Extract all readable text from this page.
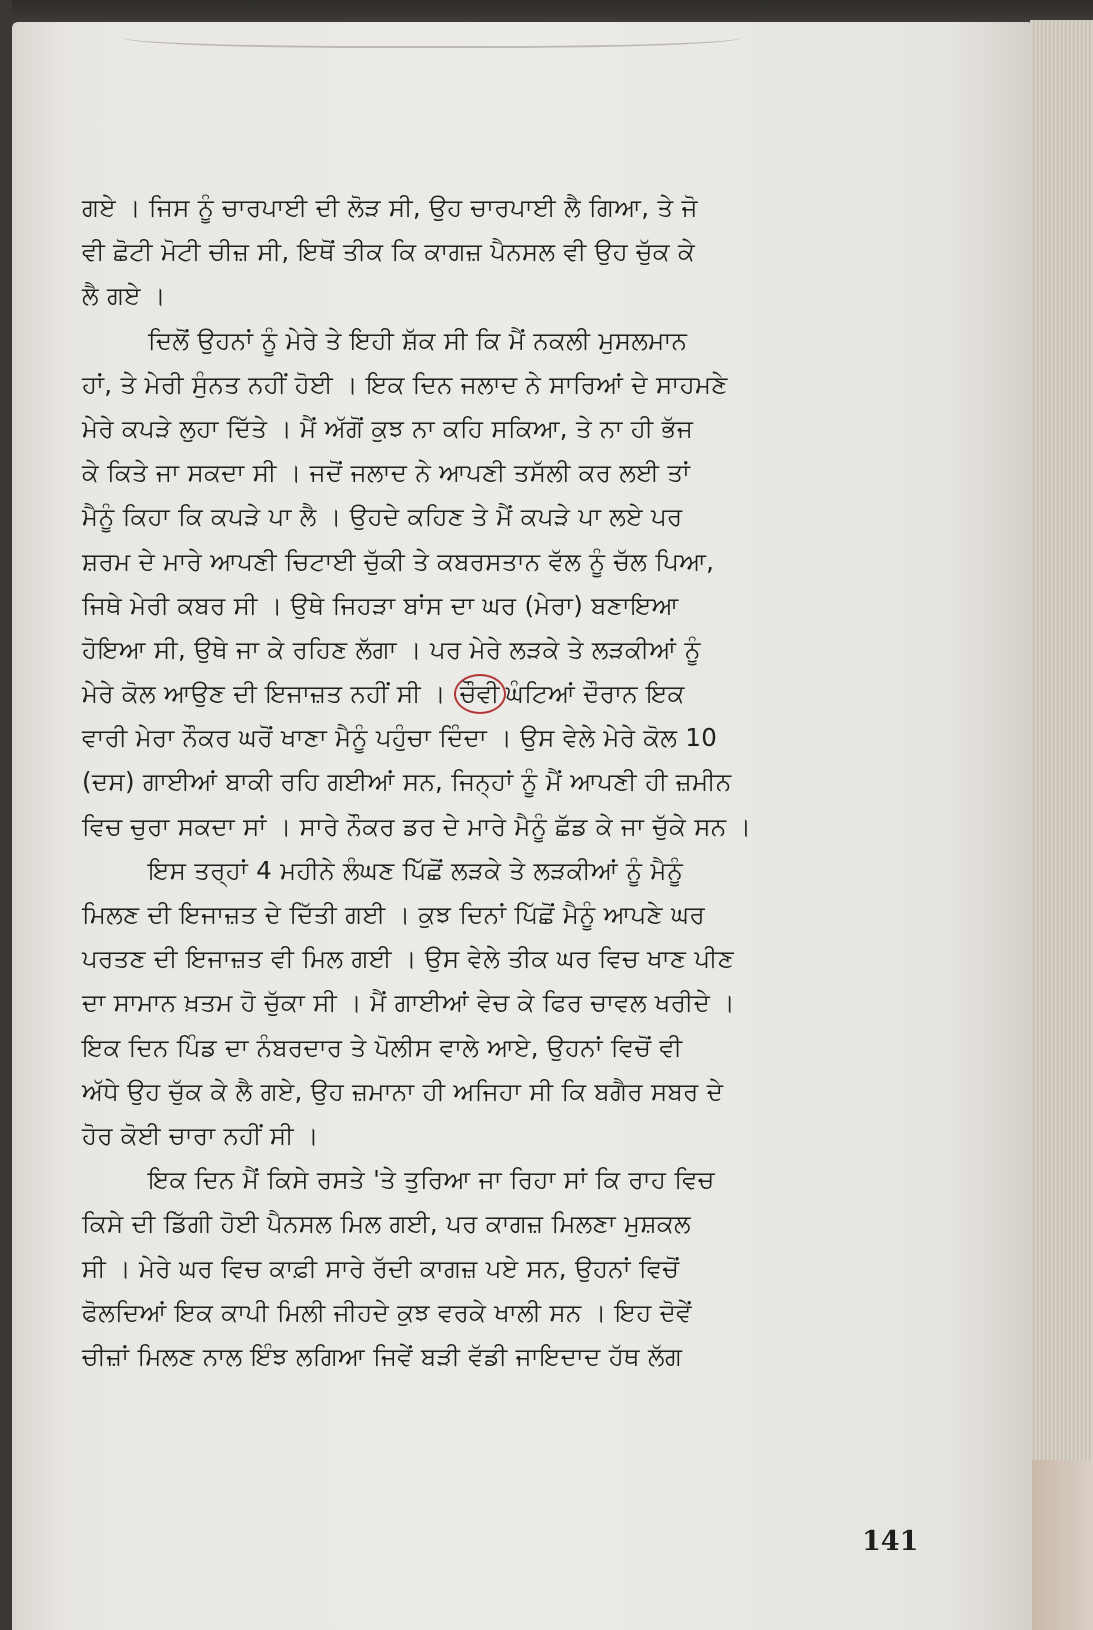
ਗਏ । ਜਿਸ ਨੂੰ ਚਾਰਪਾਈ ਦੀ ਲੋੜ ਸੀ, ਉਹ ਚਾਰਪਾਈ ਲੈ ਗਿਆ, ਤੇ ਜੋ
ਵੀ ਛੋਟੀ ਮੋਟੀ ਚੀਜ਼ ਸੀ, ਇਥੋਂ ਤੀਕ ਕਿ ਕਾਗਜ਼ ਪੈਨਸਲ ਵੀ ਉਹ ਚੁੱਕ ਕੇ
ਲੈ ਗਏ ।
ਦਿਲੋਂ ਉਹਨਾਂ ਨੂੰ ਮੇਰੇ ਤੇ ਇਹੀ ਸ਼ੱਕ ਸੀ ਕਿ ਮੈਂ ਨਕਲੀ ਮੁਸਲਮਾਨ
ਹਾਂ, ਤੇ ਮੇਰੀ ਸੁੰਨਤ ਨਹੀਂ ਹੋਈ । ਇਕ ਦਿਨ ਜਲਾਦ ਨੇ ਸਾਰਿਆਂ ਦੇ ਸਾਹਮਣੇ
ਮੇਰੇ ਕਪੜੇ ਲੁਹਾ ਦਿੱਤੇ । ਮੈਂ ਅੱਗੋਂ ਕੁਝ ਨਾ ਕਹਿ ਸਕਿਆ, ਤੇ ਨਾ ਹੀ ਭੱਜ
ਕੇ ਕਿਤੇ ਜਾ ਸਕਦਾ ਸੀ । ਜਦੋਂ ਜਲਾਦ ਨੇ ਆਪਣੀ ਤਸੱਲੀ ਕਰ ਲਈ ਤਾਂ
ਮੈਨੂੰ ਕਿਹਾ ਕਿ ਕਪੜੇ ਪਾ ਲੈ । ਉਹਦੇ ਕਹਿਣ ਤੇ ਮੈਂ ਕਪੜੇ ਪਾ ਲਏ ਪਰ
ਸ਼ਰਮ ਦੇ ਮਾਰੇ ਆਪਣੀ ਚਿਟਾਈ ਚੁੱਕੀ ਤੇ ਕਬਰਸਤਾਨ ਵੱਲ ਨੂੰ ਚੱਲ ਪਿਆ,
ਜਿਥੇ ਮੇਰੀ ਕਬਰ ਸੀ । ਉਥੇ ਜਿਹੜਾ ਬਾਂਸ ਦਾ ਘਰ (ਮੇਰਾ) ਬਣਾਇਆ
ਹੋਇਆ ਸੀ, ਉਥੇ ਜਾ ਕੇ ਰਹਿਣ ਲੱਗਾ । ਪਰ ਮੇਰੇ ਲੜਕੇ ਤੇ ਲੜਕੀਆਂ ਨੂੰ
ਮੇਰੇ ਕੋਲ ਆਉਣ ਦੀ ਇਜਾਜ਼ਤ ਨਹੀਂ ਸੀ । ਚੌਵੀ ਘੰਟਿਆਂ ਦੌਰਾਨ ਇਕ
ਵਾਰੀ ਮੇਰਾ ਨੌਕਰ ਘਰੋਂ ਖਾਣਾ ਮੈਨੂੰ ਪਹੁੰਚਾ ਦਿੰਦਾ । ਉਸ ਵੇਲੇ ਮੇਰੇ ਕੋਲ 10
(ਦਸ) ਗਾਈਆਂ ਬਾਕੀ ਰਹਿ ਗਈਆਂ ਸਨ, ਜਿਨ੍ਹਾਂ ਨੂੰ ਮੈਂ ਆਪਣੀ ਹੀ ਜ਼ਮੀਨ
ਵਿਚ ਚੁਰਾ ਸਕਦਾ ਸਾਂ । ਸਾਰੇ ਨੌਕਰ ਡਰ ਦੇ ਮਾਰੇ ਮੈਨੂੰ ਛੱਡ ਕੇ ਜਾ ਚੁੱਕੇ ਸਨ ।
ਇਸ ਤਰ੍ਹਾਂ 4 ਮਹੀਨੇ ਲੰਘਣ ਪਿੱਛੋਂ ਲੜਕੇ ਤੇ ਲੜਕੀਆਂ ਨੂੰ ਮੈਨੂੰ
ਮਿਲਣ ਦੀ ਇਜਾਜ਼ਤ ਦੇ ਦਿੱਤੀ ਗਈ । ਕੁਝ ਦਿਨਾਂ ਪਿੱਛੋਂ ਮੈਨੂੰ ਆਪਣੇ ਘਰ
ਪਰਤਣ ਦੀ ਇਜਾਜ਼ਤ ਵੀ ਮਿਲ ਗਈ । ਉਸ ਵੇਲੇ ਤੀਕ ਘਰ ਵਿਚ ਖਾਣ ਪੀਣ
ਦਾ ਸਾਮਾਨ ਖ਼ਤਮ ਹੋ ਚੁੱਕਾ ਸੀ । ਮੈਂ ਗਾਈਆਂ ਵੇਚ ਕੇ ਫਿਰ ਚਾਵਲ ਖਰੀਦੇ ।
ਇਕ ਦਿਨ ਪਿੰਡ ਦਾ ਨੰਬਰਦਾਰ ਤੇ ਪੋਲੀਸ ਵਾਲੇ ਆਏ, ਉਹਨਾਂ ਵਿਚੋਂ ਵੀ
ਅੱਧੇ ਉਹ ਚੁੱਕ ਕੇ ਲੈ ਗਏ, ਉਹ ਜ਼ਮਾਨਾ ਹੀ ਅਜਿਹਾ ਸੀ ਕਿ ਬਗੈਰ ਸਬਰ ਦੇ
ਹੋਰ ਕੋਈ ਚਾਰਾ ਨਹੀਂ ਸੀ ।
ਇਕ ਦਿਨ ਮੈਂ ਕਿਸੇ ਰਸਤੇ 'ਤੇ ਤੁਰਿਆ ਜਾ ਰਿਹਾ ਸਾਂ ਕਿ ਰਾਹ ਵਿਚ
ਕਿਸੇ ਦੀ ਡਿੱਗੀ ਹੋਈ ਪੈਨਸਲ ਮਿਲ ਗਈ, ਪਰ ਕਾਗਜ਼ ਮਿਲਣਾ ਮੁਸ਼ਕਲ
ਸੀ । ਮੇਰੇ ਘਰ ਵਿਚ ਕਾਫ਼ੀ ਸਾਰੇ ਰੱਦੀ ਕਾਗਜ਼ ਪਏ ਸਨ, ਉਹਨਾਂ ਵਿਚੋਂ
ਫੋਲਦਿਆਂ ਇਕ ਕਾਪੀ ਮਿਲੀ ਜੀਹਦੇ ਕੁਝ ਵਰਕੇ ਖਾਲੀ ਸਨ । ਇਹ ਦੋਵੇਂ
ਚੀਜ਼ਾਂ ਮਿਲਣ ਨਾਲ ਇੰਝ ਲਗਿਆ ਜਿਵੇਂ ਬੜੀ ਵੱਡੀ ਜਾਇਦਾਦ ਹੱਥ ਲੱਗ
141
